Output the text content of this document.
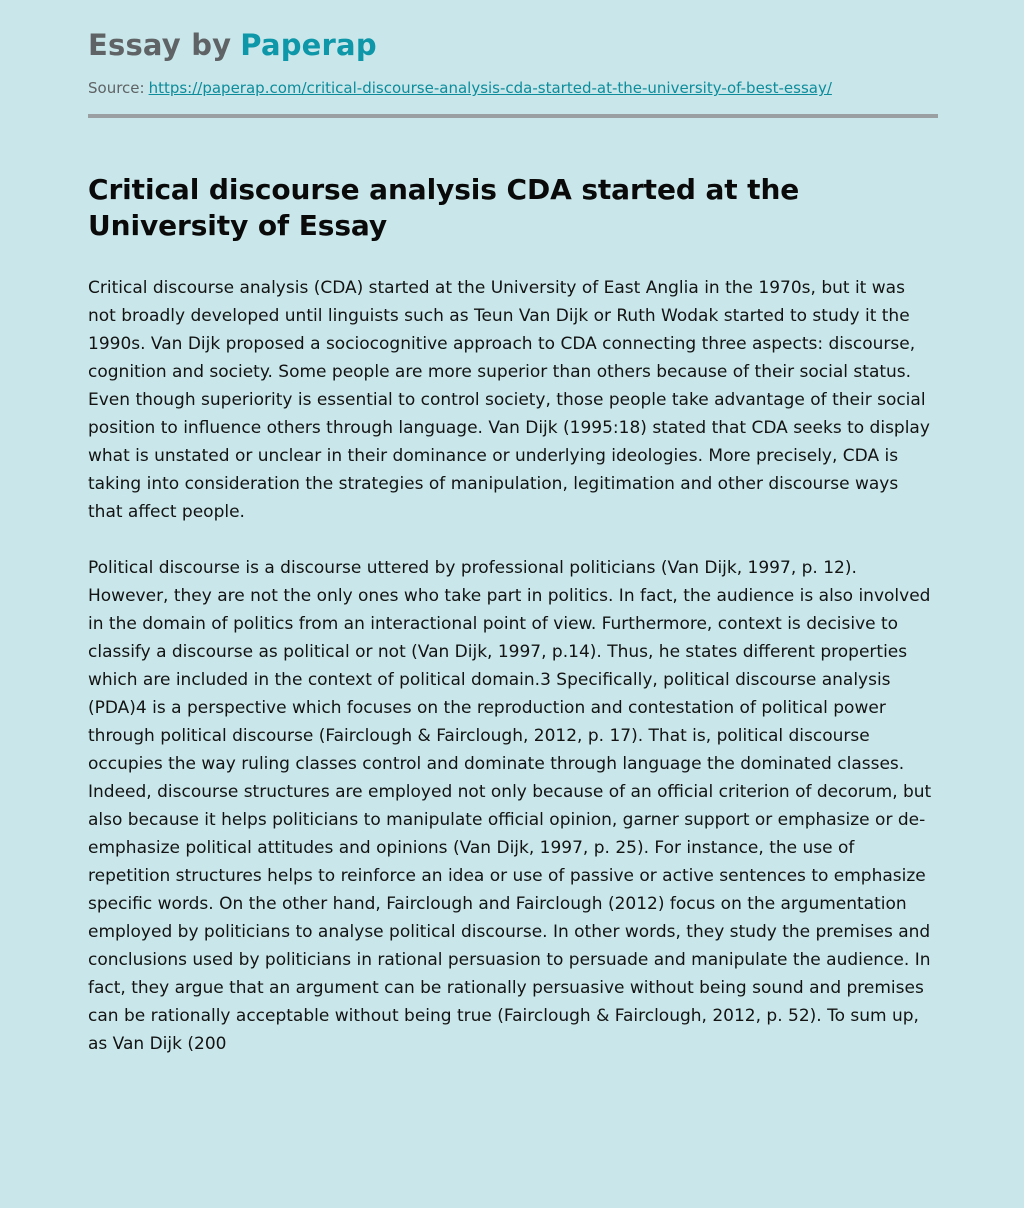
Essay by Paperap
Source: https://paperap.com/critical-discourse-analysis-cda-started-at-the-university-of-best-essay/
Critical discourse analysis CDA started at the University of Essay

Critical discourse analysis (CDA) started at the University of East Anglia in the 1970s, but it was not broadly developed until linguists such as Teun Van Dijk or Ruth Wodak started to study it the 1990s. Van Dijk proposed a sociocognitive approach to CDA connecting three aspects: discourse, cognition and society. Some people are more superior than others because of their social status. Even though superiority is essential to control society, those people take advantage of their social position to influence others through language. Van Dijk (1995:18) stated that CDA seeks to display what is unstated or unclear in their dominance or underlying ideologies. More precisely, CDA is taking into consideration the strategies of manipulation, legitimation and other discourse ways that affect people.

Political discourse is a discourse uttered by professional politicians (Van Dijk, 1997, p. 12). However, they are not the only ones who take part in politics. In fact, the audience is also involved in the domain of politics from an interactional point of view. Furthermore, context is decisive to classify a discourse as political or not (Van Dijk, 1997, p.14). Thus, he states different properties which are included in the context of political domain.3 Specifically, political discourse analysis (PDA)4 is a perspective which focuses on the reproduction and contestation of political power through political discourse (Fairclough & Fairclough, 2012, p. 17). That is, political discourse occupies the way ruling classes control and dominate through language the dominated classes. Indeed, discourse structures are employed not only because of an official criterion of decorum, but also because it helps politicians to manipulate official opinion, garner support or emphasize or de-emphasize political attitudes and opinions (Van Dijk, 1997, p. 25). For instance, the use of repetition structures helps to reinforce an idea or use of passive or active sentences to emphasize specific words. On the other hand, Fairclough and Fairclough (2012) focus on the argumentation employed by politicians to analyse political discourse. In other words, they study the premises and conclusions used by politicians in rational persuasion to persuade and manipulate the audience. In fact, they argue that an argument can be rationally persuasive without being sound and premises can be rationally acceptable without being true (Fairclough & Fairclough, 2012, p. 52). To sum up, as Van Dijk (200
